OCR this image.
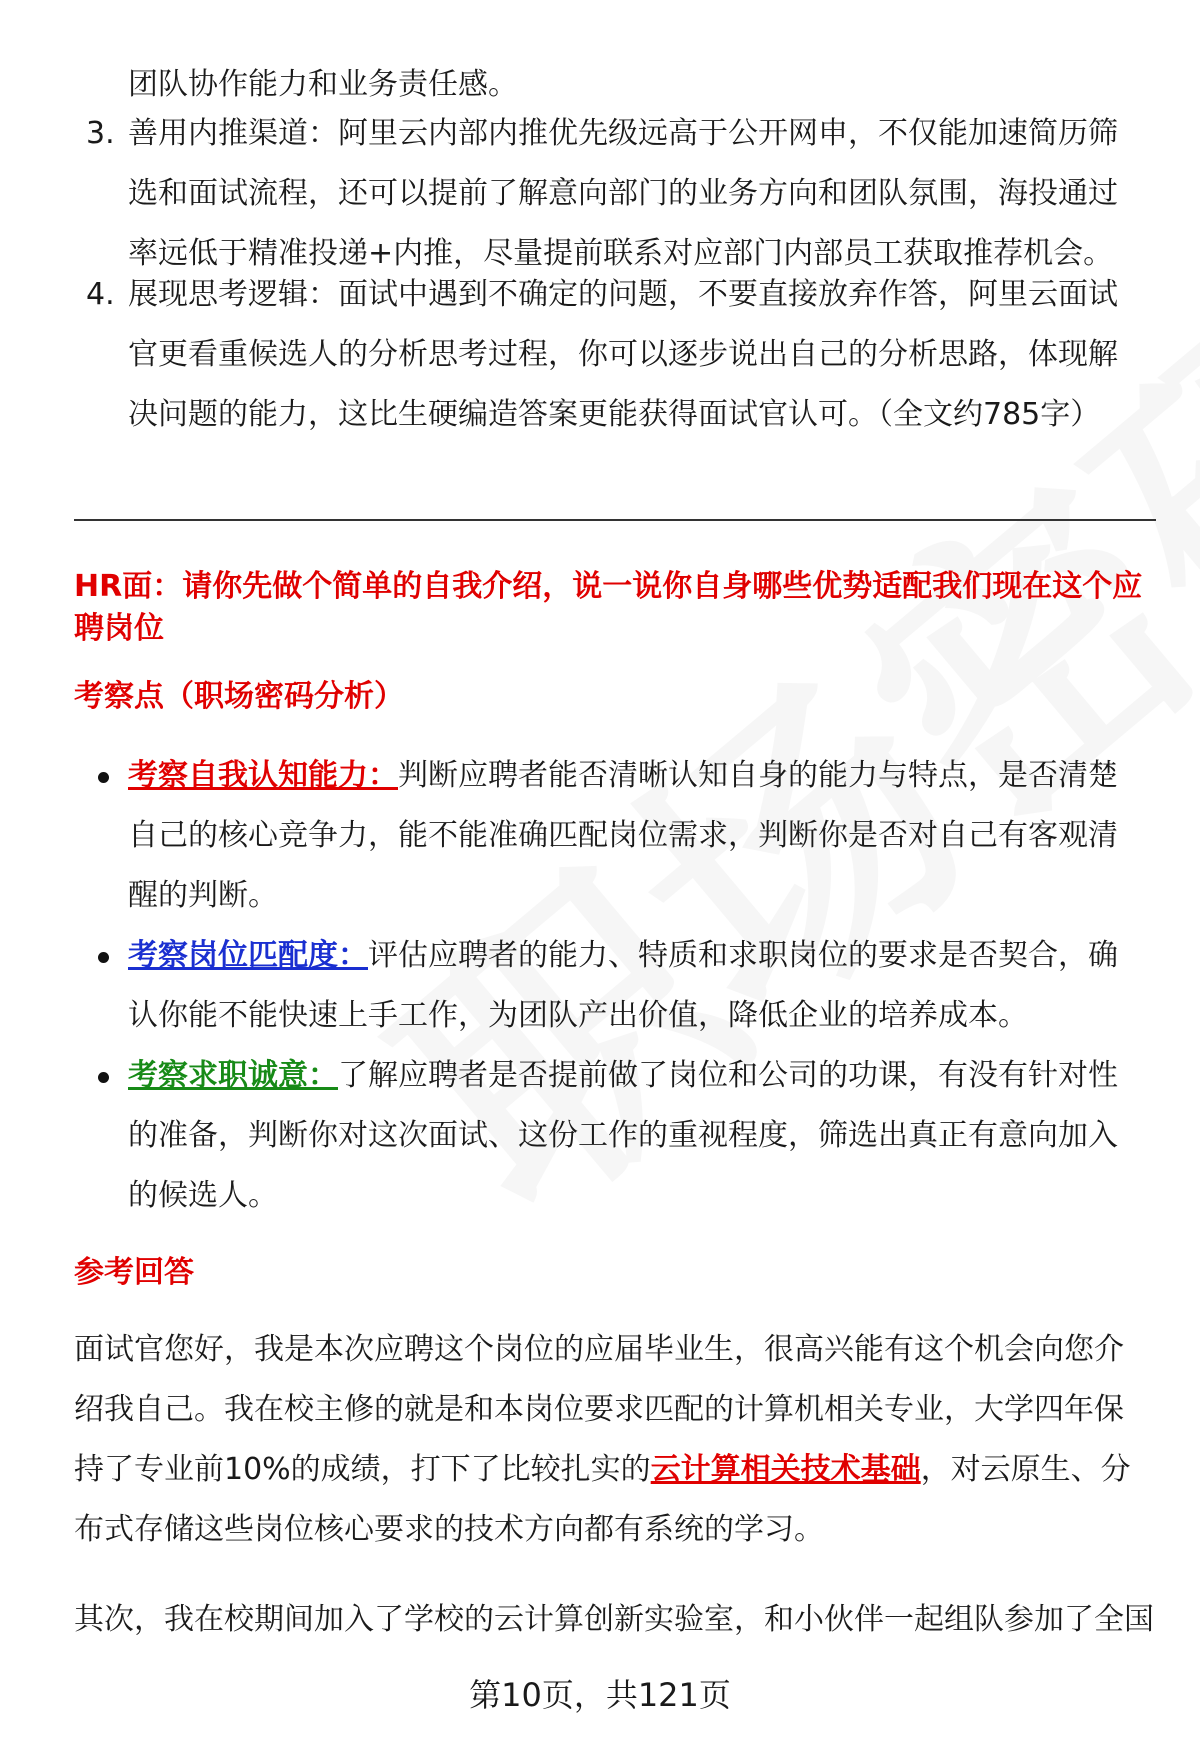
团队协作能力和业务责任感。

3. 善用内推渠道：阿里云内部内推优先级远高于公开网申，不仅能加速简历筛选和面试流程，还可以提前了解意向部门的业务方向和团队氛围，海投通过率远低于精准投递+内推，尽量提前联系对应部门内部员工获取推荐机会。
4. 展现思考逻辑：面试中遇到不确定的问题，不要直接放弃作答，阿里云面试官更看重候选人的分析思考过程，你可以逐步说出自己的分析思路，体现解决问题的能力，这比生硬编造答案更能获得面试官认可。（全文约785字）

HR面：请你先做个简单的自我介绍，说一说你自身哪些优势适配我们现在这个应聘岗位

考察点（职场密码分析）

考察自我认知能力：判断应聘者能否清晰认知自身的能力与特点，是否清楚自己的核心竞争力，能不能准确匹配岗位需求，判断你是否对自己有客观清醒的判断。
考察岗位匹配度：评估应聘者的能力、特质和求职岗位的要求是否契合，确认你能不能快速上手工作，为团队产出价值，降低企业的培养成本。
考察求职诚意：了解应聘者是否提前做了岗位和公司的功课，有没有针对性的准备，判断你对这次面试、这份工作的重视程度，筛选出真正有意向加入的候选人。

参考回答

面试官您好，我是本次应聘这个岗位的应届毕业生，很高兴能有这个机会向您介绍我自己。我在校主修的就是和本岗位要求匹配的计算机相关专业，大学四年保持了专业前10%的成绩，打下了比较扎实的云计算相关技术基础，对云原生、分布式存储这些岗位核心要求的技术方向都有系统的学习。

其次，我在校期间加入了学校的云计算创新实验室，和小伙伴一起组队参加了全国

第10页，共121页
